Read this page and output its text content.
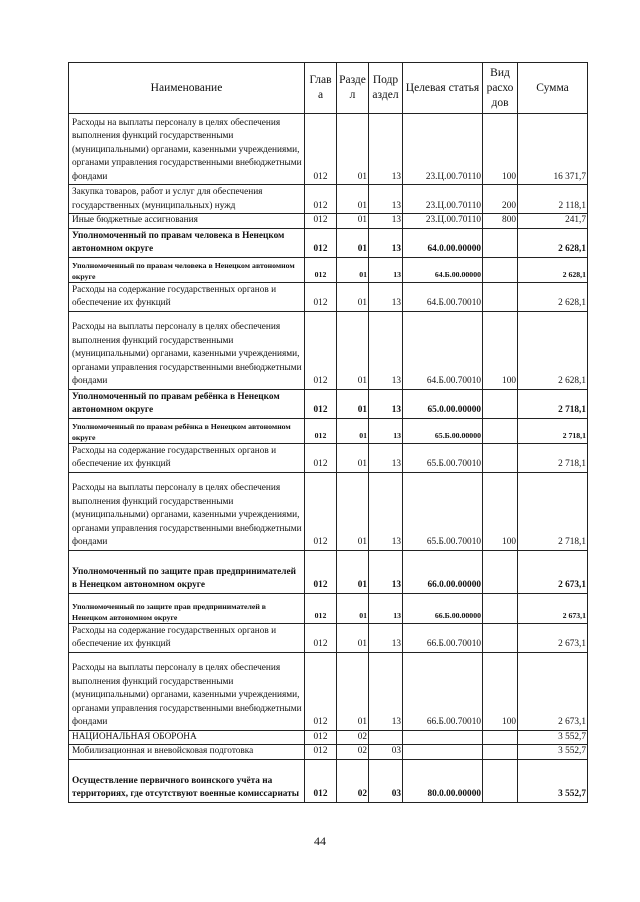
Наименование	Глав а	Разде л	Подр аздел	Целевая статья	Вид расхо дов	Сумма
Расходы на выплаты персоналу в целях обеспечения выполнения функций государственными (муниципальными) органами, казенными учреждениями, органами управления государственными внебюджетными фондами	012	01	13	23.Ц.00.70110	100	16 371,7
Закупка товаров, работ и услуг для обеспечения государственных (муниципальных) нужд	012	01	13	23.Ц.00.70110	200	2 118,1
Иные бюджетные ассигнования	012	01	13	23.Ц.00.70110	800	241,7
Уполномоченный по правам человека в Ненецком автономном округе	012	01	13	64.0.00.00000		2 628,1
Уполномоченный по правам человека в Ненецком автономном округе	012	01	13	64.Б.00.00000		2 628,1
Расходы на содержание государственных органов и обеспечение их функций	012	01	13	64.Б.00.70010		2 628,1
Расходы на выплаты персоналу в целях обеспечения выполнения функций государственными (муниципальными) органами, казенными учреждениями, органами управления государственными внебюджетными фондами	012	01	13	64.Б.00.70010	100	2 628,1
Уполномоченный по правам ребёнка в Ненецком автономном округе	012	01	13	65.0.00.00000		2 718,1
Уполномоченный по правам ребёнка в Ненецком автономном округе	012	01	13	65.Б.00.00000		2 718,1
Расходы на содержание государственных органов и обеспечение их функций	012	01	13	65.Б.00.70010		2 718,1
Расходы на выплаты персоналу в целях обеспечения выполнения функций государственными (муниципальными) органами, казенными учреждениями, органами управления государственными внебюджетными фондами	012	01	13	65.Б.00.70010	100	2 718,1
Уполномоченный по защите прав предпринимателей в Ненецком автономном округе	012	01	13	66.0.00.00000		2 673,1
Уполномоченный по защите прав предпринимателей в Ненецком автономном округе	012	01	13	66.Б.00.00000		2 673,1
Расходы на содержание государственных органов и обеспечение их функций	012	01	13	66.Б.00.70010		2 673,1
Расходы на выплаты персоналу в целях обеспечения выполнения функций государственными (муниципальными) органами, казенными учреждениями, органами управления государственными внебюджетными фондами	012	01	13	66.Б.00.70010	100	2 673,1
НАЦИОНАЛЬНАЯ ОБОРОНА	012	02				3 552,7
Мобилизационная и вневойсковая подготовка	012	02	03			3 552,7
Осуществление первичного воинского учёта на территориях, где отсутствуют военные комиссариаты	012	02	03	80.0.00.00000		3 552,7
44
